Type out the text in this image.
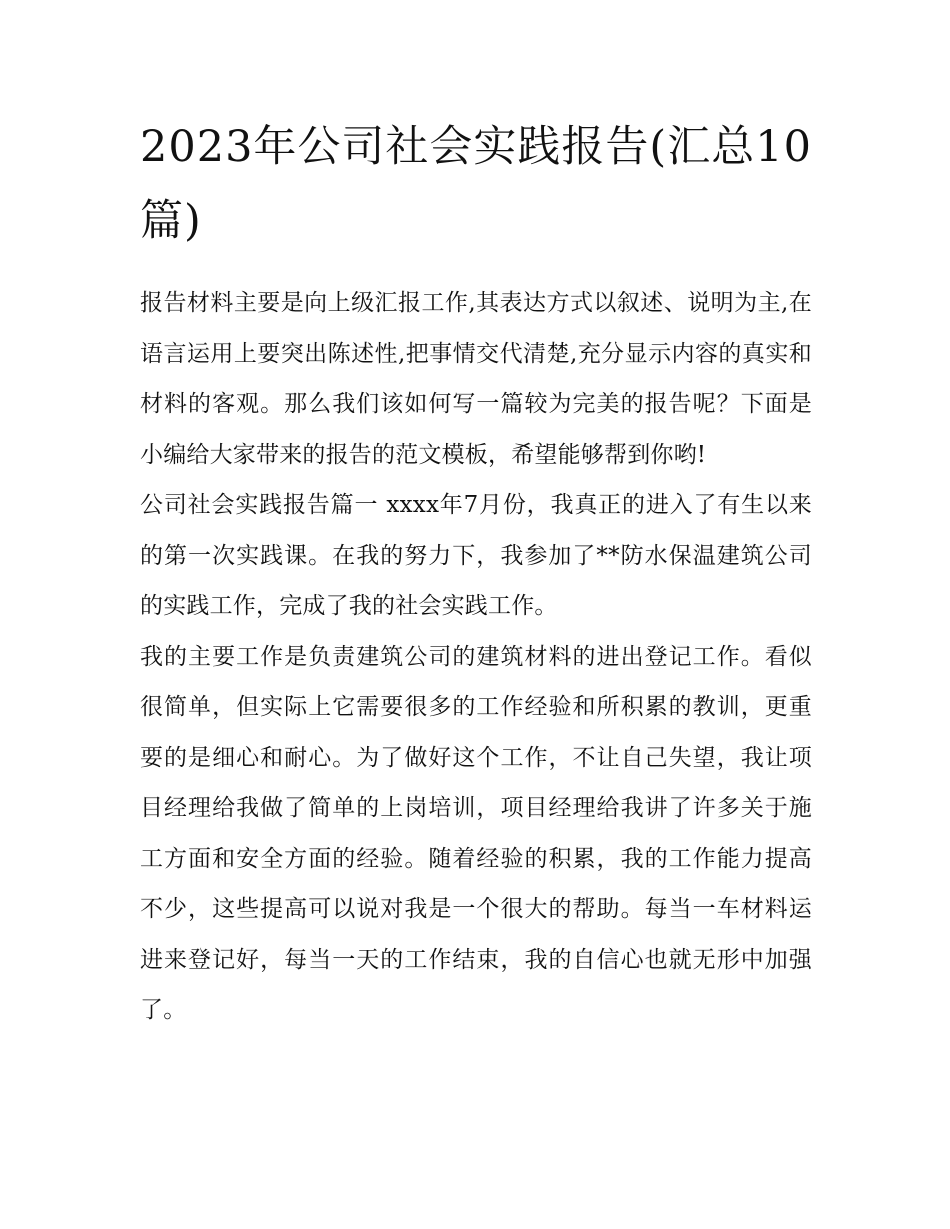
2023年公司社会实践报告(汇总10篇)

报告材料主要是向上级汇报工作,其表达方式以叙述、说明为主,在语言运用上要突出陈述性,把事情交代清楚,充分显示内容的真实和材料的客观。那么我们该如何写一篇较为完美的报告呢？下面是小编给大家带来的报告的范文模板，希望能够帮到你哟!

公司社会实践报告篇一 xxxx年7月份，我真正的进入了有生以来的第一次实践课。在我的努力下，我参加了**防水保温建筑公司的实践工作，完成了我的社会实践工作。

我的主要工作是负责建筑公司的建筑材料的进出登记工作。看似很简单，但实际上它需要很多的工作经验和所积累的教训，更重要的是细心和耐心。为了做好这个工作，不让自己失望，我让项目经理给我做了简单的上岗培训，项目经理给我讲了许多关于施工方面和安全方面的经验。随着经验的积累，我的工作能力提高不少，这些提高可以说对我是一个很大的帮助。每当一车材料运进来登记好，每当一天的工作结束，我的自信心也就无形中加强了。
